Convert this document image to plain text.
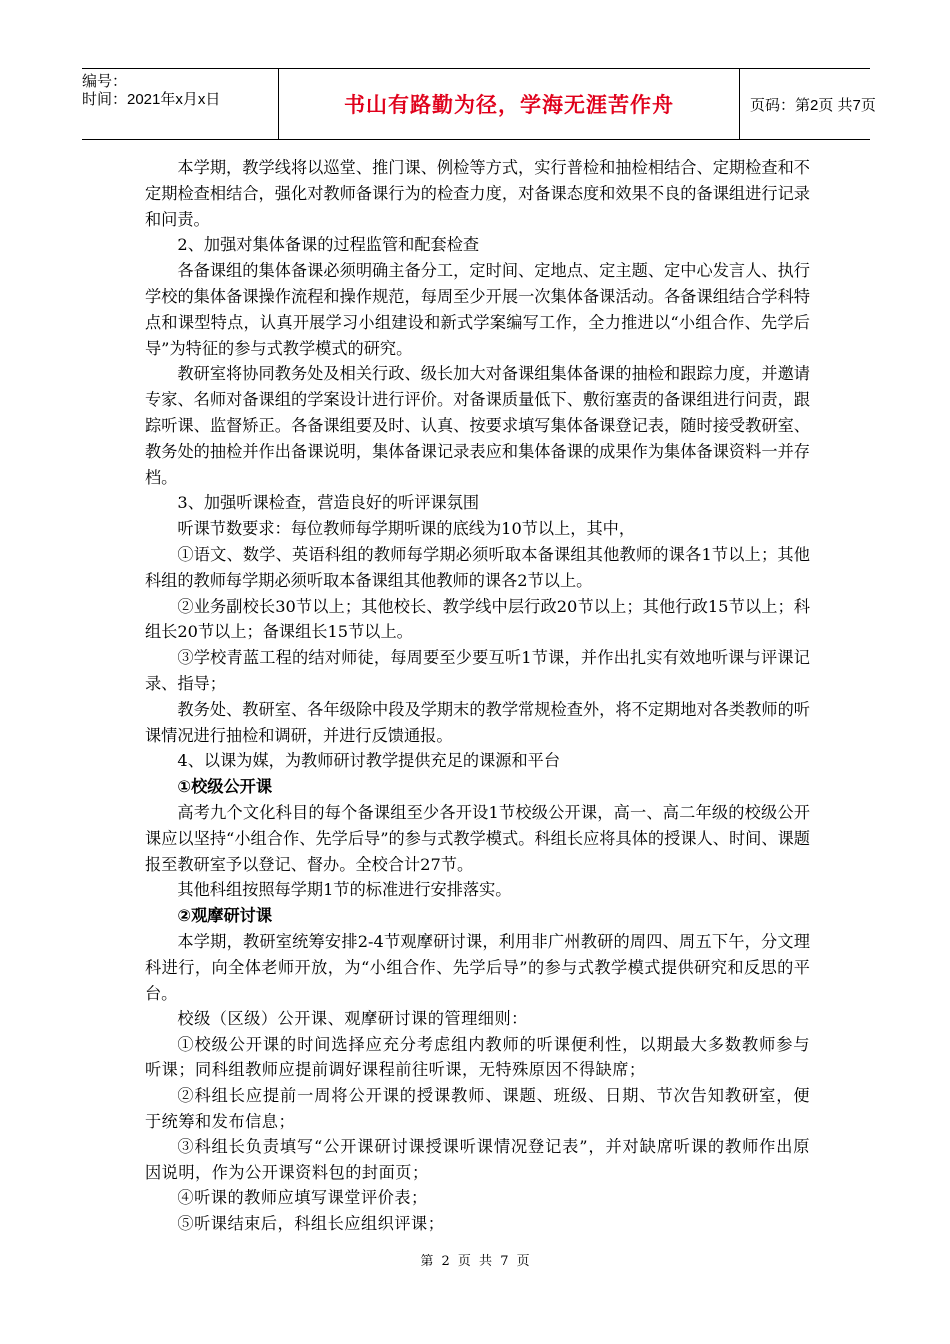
编号：
时间：2021年x月x日	书山有路勤为径，学海无涯苦作舟	页码：第2页 共7页

本学期，教学线将以巡堂、推门课、例检等方式，实行普检和抽检相结合、定期检查和不定期检查相结合，强化对教师备课行为的检查力度，对备课态度和效果不良的备课组进行记录和问责。

2、加强对集体备课的过程监管和配套检查

各备课组的集体备课必须明确主备分工，定时间、定地点、定主题、定中心发言人、执行学校的集体备课操作流程和操作规范，每周至少开展一次集体备课活动。各备课组结合学科特点和课型特点，认真开展学习小组建设和新式学案编写工作，全力推进以“小组合作、先学后导”为特征的参与式教学模式的研究。

教研室将协同教务处及相关行政、级长加大对备课组集体备课的抽检和跟踪力度，并邀请专家、名师对备课组的学案设计进行评价。对备课质量低下、敷衍塞责的备课组进行问责，跟踪听课、监督矫正。各备课组要及时、认真、按要求填写集体备课登记表，随时接受教研室、教务处的抽检并作出备课说明，集体备课记录表应和集体备课的成果作为集体备课资料一并存档。

3、加强听课检查，营造良好的听评课氛围

听课节数要求：每位教师每学期听课的底线为10节以上，其中，

①语文、数学、英语科组的教师每学期必须听取本备课组其他教师的课各1节以上；其他科组的教师每学期必须听取本备课组其他教师的课各2节以上。

②业务副校长30节以上；其他校长、教学线中层行政20节以上；其他行政15节以上；科组长20节以上；备课组长15节以上。

③学校青蓝工程的结对师徒，每周要至少要互听1节课，并作出扎实有效地听课与评课记录、指导；

教务处、教研室、各年级除中段及学期末的教学常规检查外，将不定期地对各类教师的听课情况进行抽检和调研，并进行反馈通报。

4、以课为媒，为教师研讨教学提供充足的课源和平台

①校级公开课

高考九个文化科目的每个备课组至少各开设1节校级公开课，高一、高二年级的校级公开课应以坚持“小组合作、先学后导”的参与式教学模式。科组长应将具体的授课人、时间、课题报至教研室予以登记、督办。全校合计27节。

其他科组按照每学期1节的标准进行安排落实。

②观摩研讨课

本学期，教研室统筹安排2-4节观摩研讨课，利用非广州教研的周四、周五下午，分文理科进行，向全体老师开放，为“小组合作、先学后导”的参与式教学模式提供研究和反思的平台。

校级（区级）公开课、观摩研讨课的管理细则：

①校级公开课的时间选择应充分考虑组内教师的听课便利性，以期最大多数教师参与听课；同科组教师应提前调好课程前往听课，无特殊原因不得缺席；

②科组长应提前一周将公开课的授课教师、课题、班级、日期、节次告知教研室，便于统筹和发布信息；

③科组长负责填写“公开课研讨课授课听课情况登记表”，并对缺席听课的教师作出原因说明，作为公开课资料包的封面页；

④听课的教师应填写课堂评价表；

⑤听课结束后，科组长应组织评课；

第 2 页 共 7 页
